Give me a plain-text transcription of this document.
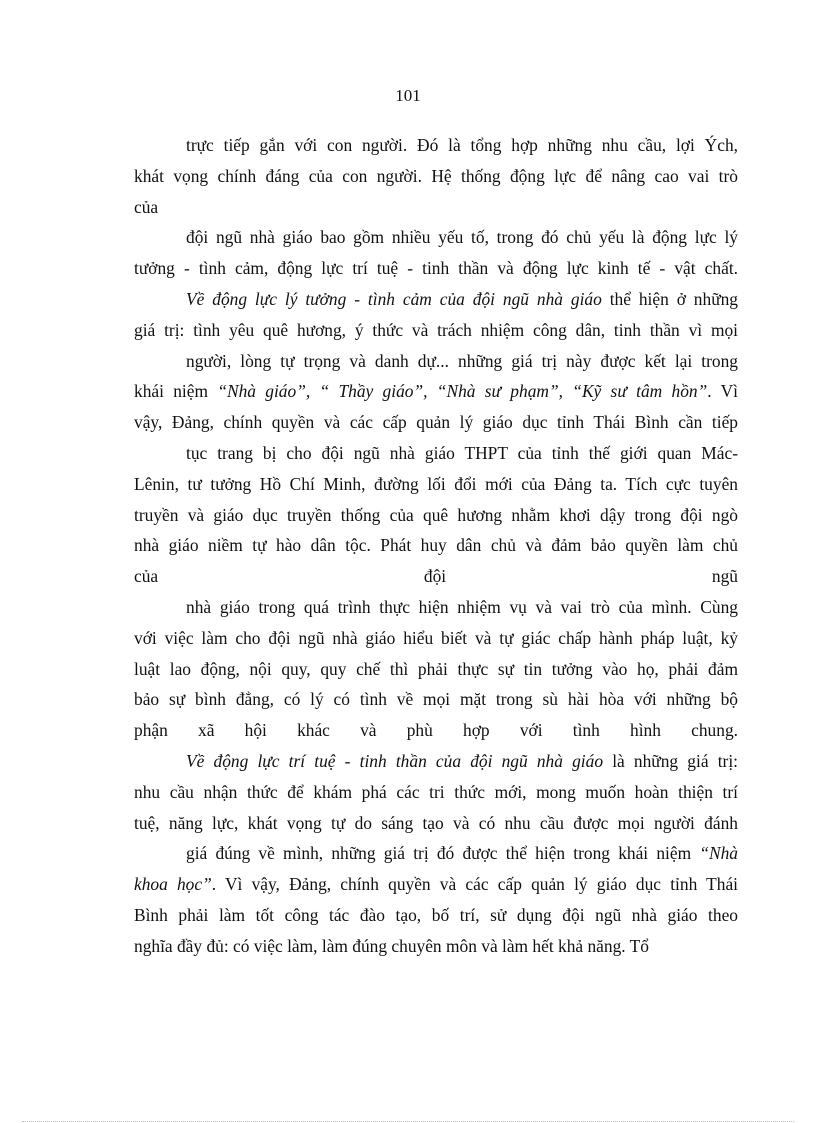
101
trực tiếp gắn với con người. Đó là tổng hợp những nhu cầu, lợi Ých,
khát vọng chính đáng của con người. Hệ thống động lực để nâng cao vai trò
của
đội ngũ nhà giáo bao gồm nhiều yếu tố, trong đó chủ yếu là động lực lý
tưởng - tình cảm, động lực trí tuệ - tinh thần và động lực kinh tế - vật chất.
Về động lực lý tưởng - tình cảm của đội ngũ nhà giáo thể hiện ở những
giá trị: tình yêu quê hương, ý thức và trách nhiệm công dân, tinh thần vì mọi
người, lòng tự trọng và danh dự... những giá trị này được kết lại trong
khái niệm “Nhà giáo”, “ Thầy giáo”, “Nhà sư phạm”, “Kỹ sư tâm hồn”. Vì
vậy, Đảng, chính quyền và các cấp quản lý giáo dục tỉnh Thái Bình cần tiếp
tục trang bị cho đội ngũ nhà giáo THPT của tỉnh thế giới quan Mác-
Lênin, tư tưởng Hồ Chí Minh, đường lối đổi mới của Đảng ta. Tích cực tuyên
truyền và giáo dục truyền thống của quê hương nhằm khơi dậy trong đội ngò
nhà giáo niềm tự hào dân tộc. Phát huy dân chủ và đảm bảo quyền làm chủ
của                                      đội                                      ngũ
nhà giáo trong quá trình thực hiện nhiệm vụ và vai trò của mình. Cùng
với việc làm cho đội ngũ nhà giáo hiểu biết và tự giác chấp hành pháp luật, kỷ
luật lao động, nội quy, quy chế thì phải thực sự tin tưởng vào họ, phải đảm
bảo sự bình đẳng, có lý có tình về mọi mặt trong sù hài hòa với những bộ
phận xã hội khác và phù hợp với tình hình chung.
Về động lực trí tuệ - tinh thần của đội ngũ nhà giáo là những giá trị:
nhu cầu nhận thức để khám phá các tri thức mới, mong muốn hoàn thiện trí
tuệ, năng lực, khát vọng tự do sáng tạo và có nhu cầu được mọi người đánh
giá đúng về mình, những giá trị đó được thể hiện trong khái niệm “Nhà
khoa học”. Vì vậy, Đảng, chính quyền và các cấp quản lý giáo dục tỉnh Thái
Bình phải làm tốt công tác đào tạo, bố trí, sử dụng đội ngũ nhà giáo theo
nghĩa đầy đủ: có việc làm, làm đúng chuyên môn và làm hết khả năng. Tổ
